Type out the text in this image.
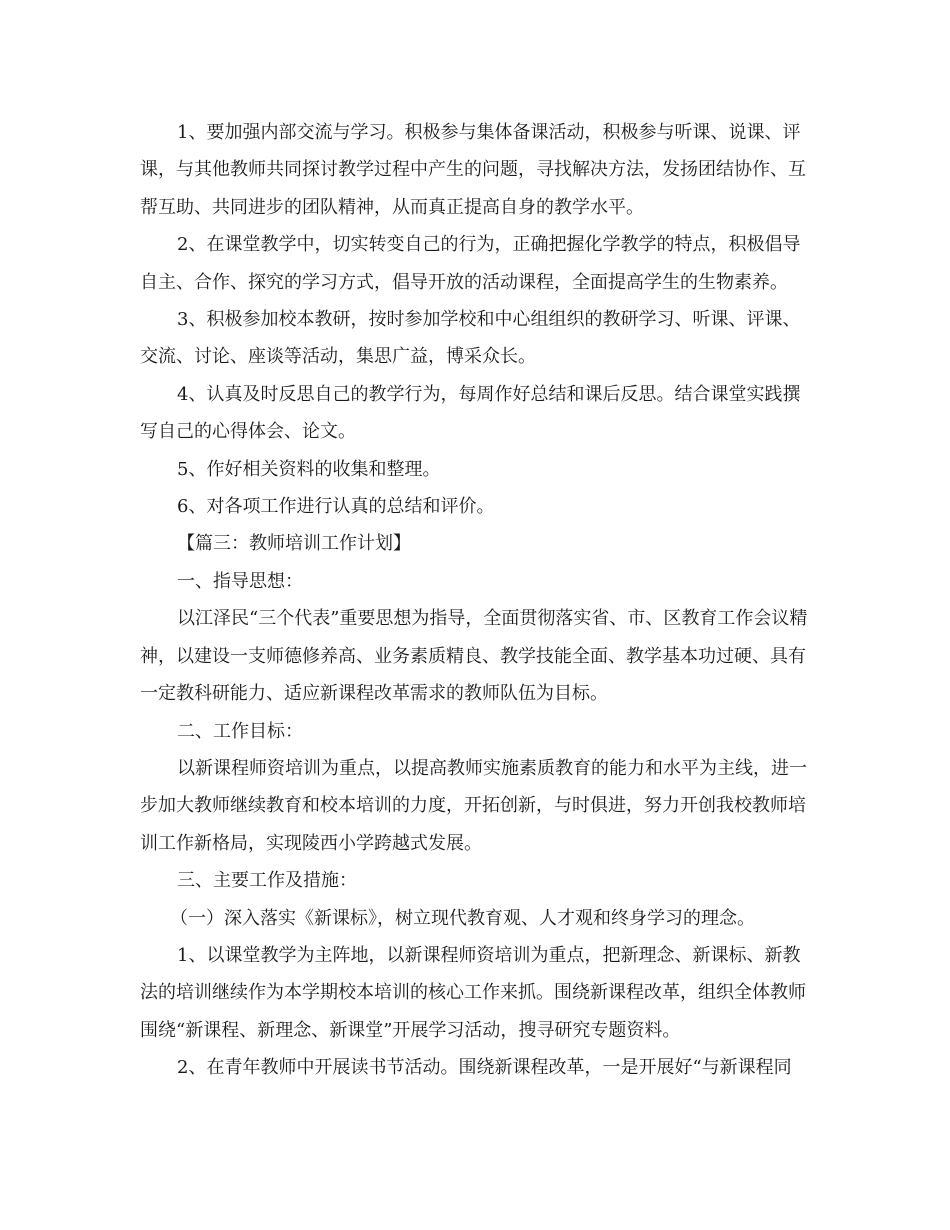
1、要加强内部交流与学习。积极参与集体备课活动，积极参与听课、说课、评课，与其他教师共同探讨教学过程中产生的问题，寻找解决方法，发扬团结协作、互帮互助、共同进步的团队精神，从而真正提高自身的教学水平。

2、在课堂教学中，切实转变自己的行为，正确把握化学教学的特点，积极倡导自主、合作、探究的学习方式，倡导开放的活动课程，全面提高学生的生物素养。

3、积极参加校本教研，按时参加学校和中心组组织的教研学习、听课、评课、交流、讨论、座谈等活动，集思广益，博采众长。

4、认真及时反思自己的教学行为，每周作好总结和课后反思。结合课堂实践撰写自己的心得体会、论文。

5、作好相关资料的收集和整理。

6、对各项工作进行认真的总结和评价。

【篇三：教师培训工作计划】

一、指导思想：

以江泽民“三个代表”重要思想为指导，全面贯彻落实省、市、区教育工作会议精神，以建设一支师德修养高、业务素质精良、教学技能全面、教学基本功过硬、具有一定教科研能力、适应新课程改革需求的教师队伍为目标。

二、工作目标：

以新课程师资培训为重点，以提高教师实施素质教育的能力和水平为主线，进一步加大教师继续教育和校本培训的力度，开拓创新，与时俱进，努力开创我校教师培训工作新格局，实现陵西小学跨越式发展。

三、主要工作及措施：

（一）深入落实《新课标》，树立现代教育观、人才观和终身学习的理念。

1、以课堂教学为主阵地，以新课程师资培训为重点，把新理念、新课标、新教法的培训继续作为本学期校本培训的核心工作来抓。围绕新课程改革，组织全体教师围绕“新课程、新理念、新课堂”开展学习活动，搜寻研究专题资料。

2、在青年教师中开展读书节活动。围绕新课程改革，一是开展好“与新课程同
